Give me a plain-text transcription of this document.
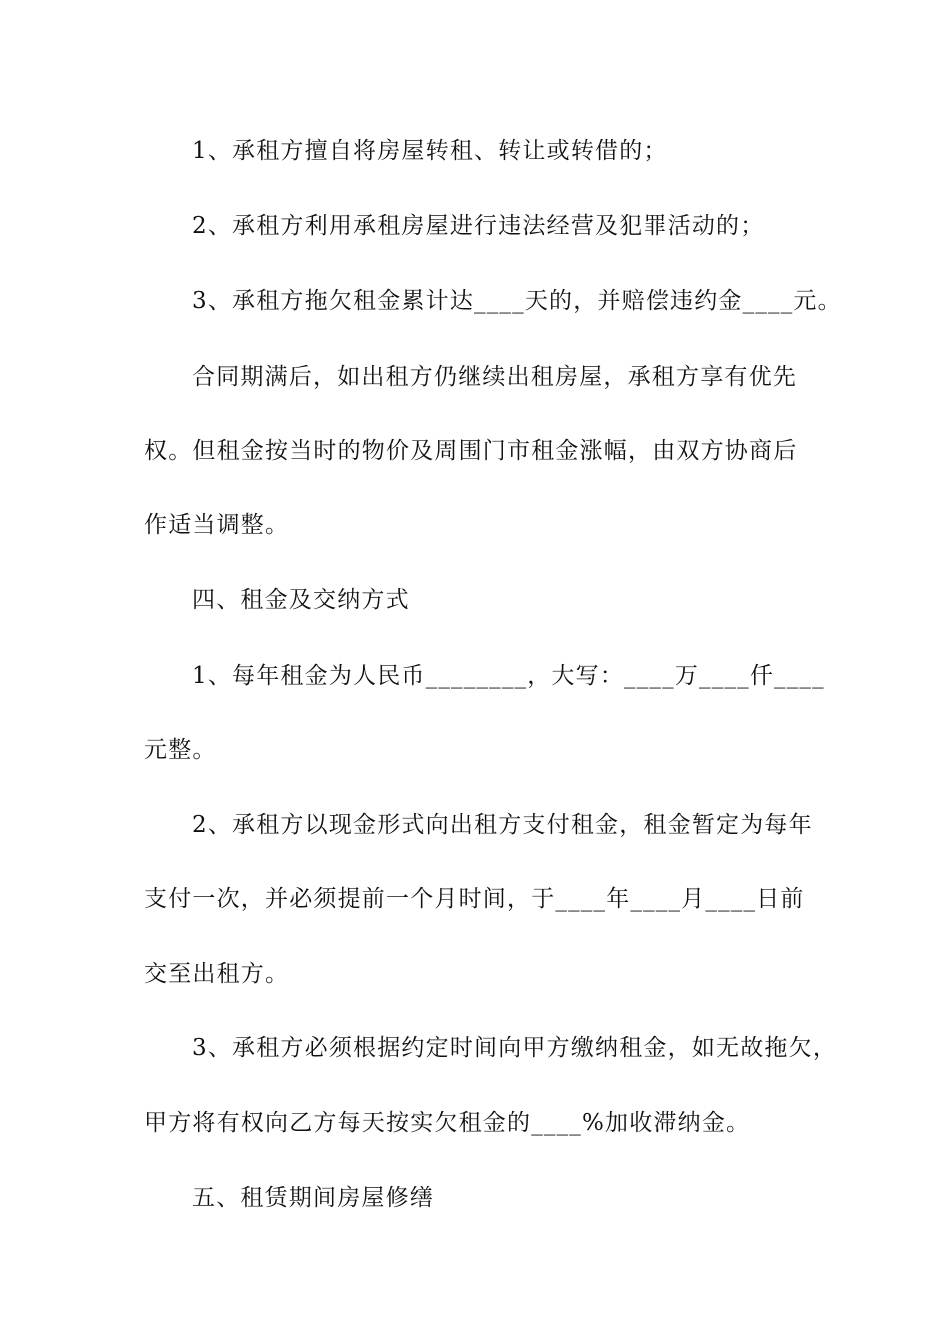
1、承租方擅自将房屋转租、转让或转借的；
2、承租方利用承租房屋进行违法经营及犯罪活动的；
3、承租方拖欠租金累计达____天的，并赔偿违约金____元。
合同期满后，如出租方仍继续出租房屋，承租方享有优先
权。但租金按当时的物价及周围门市租金涨幅，由双方协商后
作适当调整。
四、租金及交纳方式
1、每年租金为人民币________，大写：____万____仟____
元整。
2、承租方以现金形式向出租方支付租金，租金暂定为每年
支付一次，并必须提前一个月时间，于____年____月____日前
交至出租方。
3、承租方必须根据约定时间向甲方缴纳租金，如无故拖欠，
甲方将有权向乙方每天按实欠租金的____%加收滞纳金。
五、租赁期间房屋修缮
